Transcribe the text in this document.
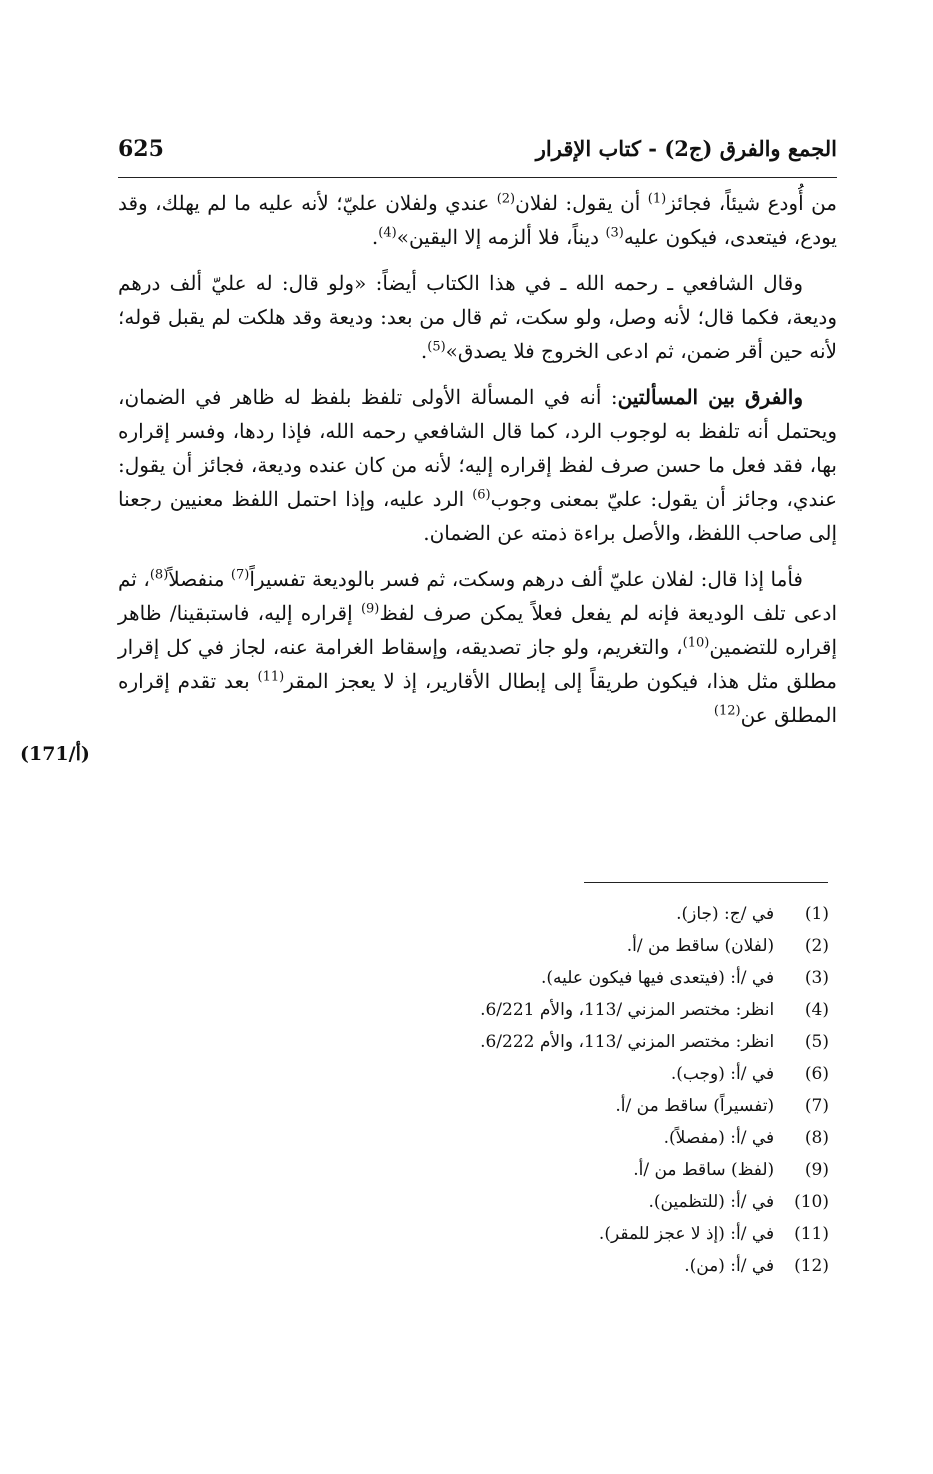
الجمع والفرق (ج2) - كتاب الإقرار
625

من أُودع شيئاً، فجائز$^{(1)}$ أن يقول: لفلان$^{(2)}$ عندي ولفلان عليّ؛ لأنه عليه ما لم يهلك، وقد يودع، فيتعدى، فيكون عليه$^{(3)}$ ديناً، فلا ألزمه إلا اليقين»$^{(4)}$.

وقال الشافعي ـ رحمه الله ـ في هذا الكتاب أيضاً: «ولو قال: له عليّ ألف درهم وديعة، فكما قال؛ لأنه وصل، ولو سكت، ثم قال من بعد: وديعة وقد هلكت لم يقبل قوله؛ لأنه حين أقر ضمن، ثم ادعى الخروج فلا يصدق»$^{(5)}$.

والفرق بين المسألتين: أنه في المسألة الأولى تلفظ بلفظ له ظاهر في الضمان، ويحتمل أنه تلفظ به لوجوب الرد، كما قال الشافعي رحمه الله، فإذا ردها، وفسر إقراره بها، فقد فعل ما حسن صرف لفظ إقراره إليه؛ لأنه من كان عنده وديعة، فجائز أن يقول: عندي، وجائز أن يقول: عليّ بمعنى وجوب$^{(6)}$ الرد عليه، وإذا احتمل اللفظ معنيين رجعنا إلى صاحب اللفظ، والأصل براءة ذمته عن الضمان.

فأما إذا قال: لفلان عليّ ألف درهم وسكت، ثم فسر بالوديعة تفسيراً$^{(7)}$ منفصلاً$^{(8)}$، ثم ادعى تلف الوديعة فإنه لم يفعل فعلاً يمكن صرف لفظ$^{(9)}$ إقراره إليه، فاستبقينا/ ظاهر إقراره للتضمين$^{(10)}$، والتغريم، ولو جاز تصديقه، وإسقاط الغرامة عنه، لجاز في كل إقرار مطلق مثل هذا، فيكون طريقاً إلى إبطال الأقارير، إذ لا يعجز المقر$^{(11)}$ بعد تقدم إقراره المطلق عن$^{(12)}$

(171/أ)
(1)  في /ج: (جاز).
(2)  (لفلان) ساقط من /أ.
(3)  في /أ: (فيتعدى فيها فيكون عليه).
(4)  انظر: مختصر المزني /113، والأم 6/221.
(5)  انظر: مختصر المزني /113، والأم 6/222.
(6)  في /أ: (وجب).
(7)  (تفسيراً) ساقط من /أ.
(8)  في /أ: (مفصلاً).
(9)  (لفظ) ساقط من /أ.
(10)  في /أ: (للتظمين).
(11)  في /أ: (إذ لا عجز للمقر).
(12)  في /أ: (من).
